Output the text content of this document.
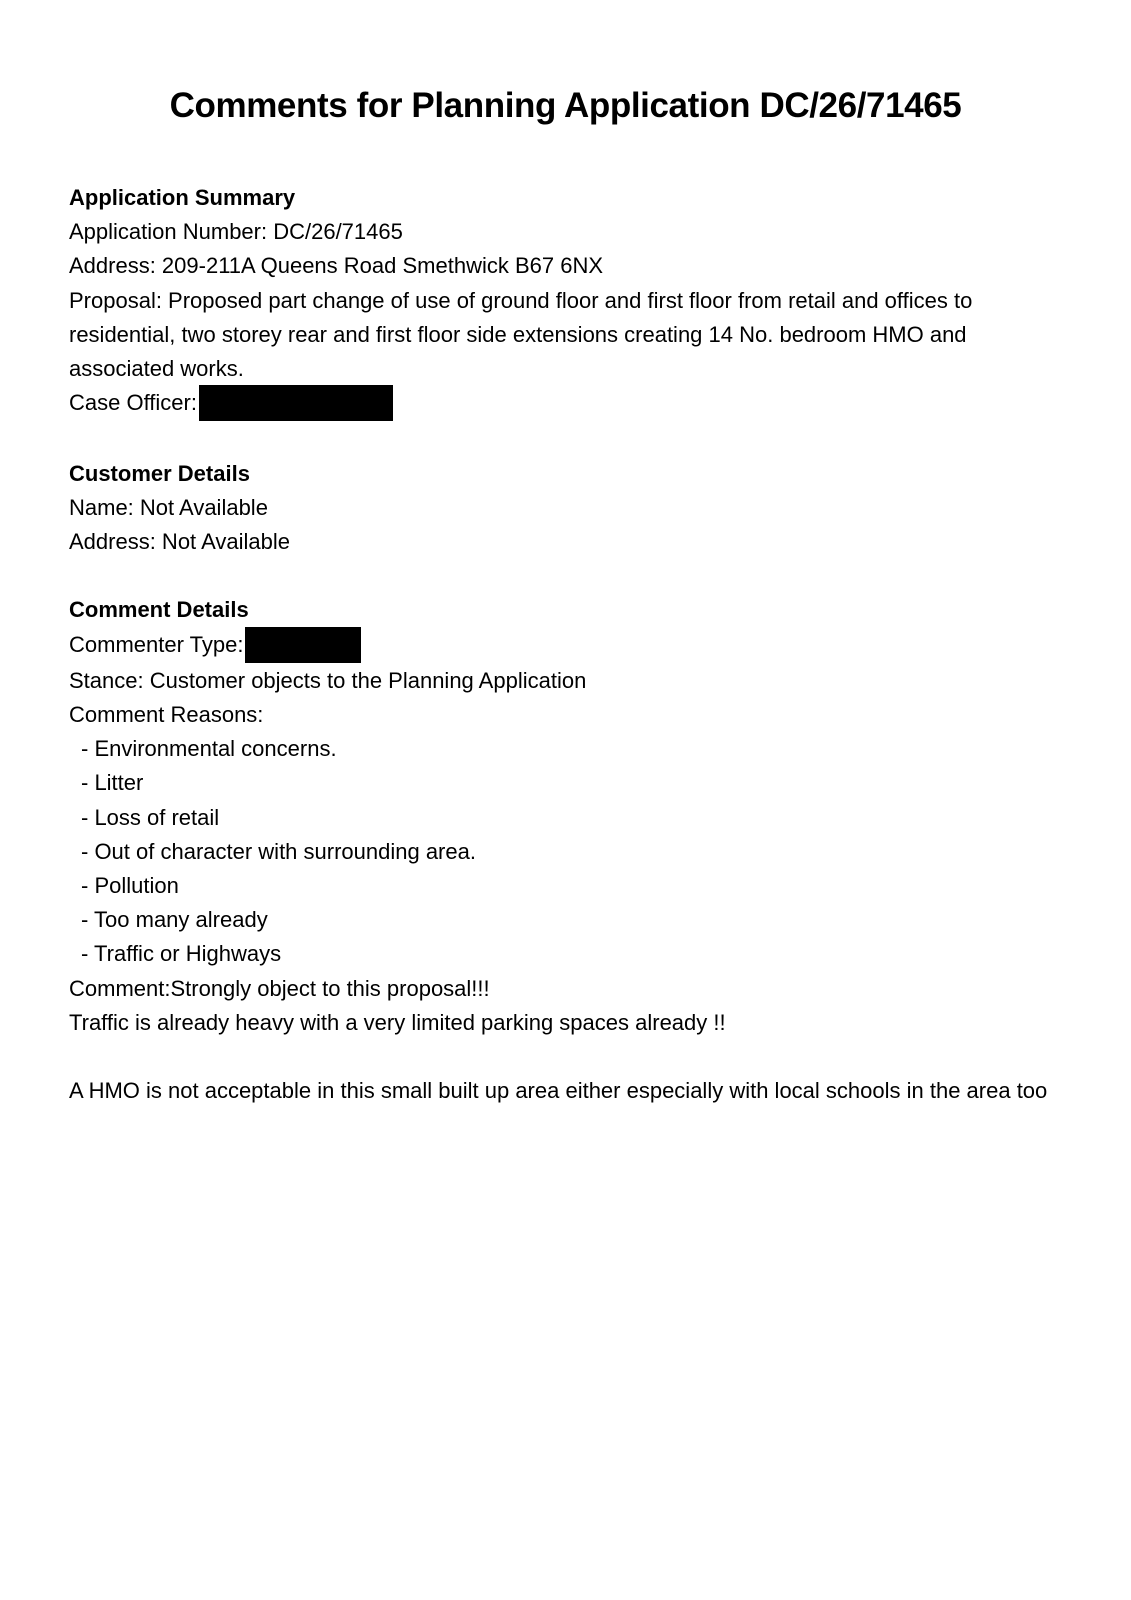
Comments for Planning Application DC/26/71465
Application Summary
Application Number: DC/26/71465
Address: 209-211A Queens Road Smethwick B67 6NX
Proposal: Proposed part change of use of ground floor and first floor from retail and offices to residential, two storey rear and first floor side extensions creating 14 No. bedroom HMO and associated works.
Case Officer:
Customer Details
Name: Not Available
Address: Not Available
Comment Details
Commenter Type:
Stance: Customer objects to the Planning Application
Comment Reasons:
- Environmental concerns.
- Litter
- Loss of retail
- Out of character with surrounding area.
- Pollution
- Too many already
- Traffic or Highways
Comment:Strongly object to this proposal!!!
Traffic is already heavy with a very limited parking spaces already !!
A HMO is not acceptable in this small built up area either especially with local schools in the area too
